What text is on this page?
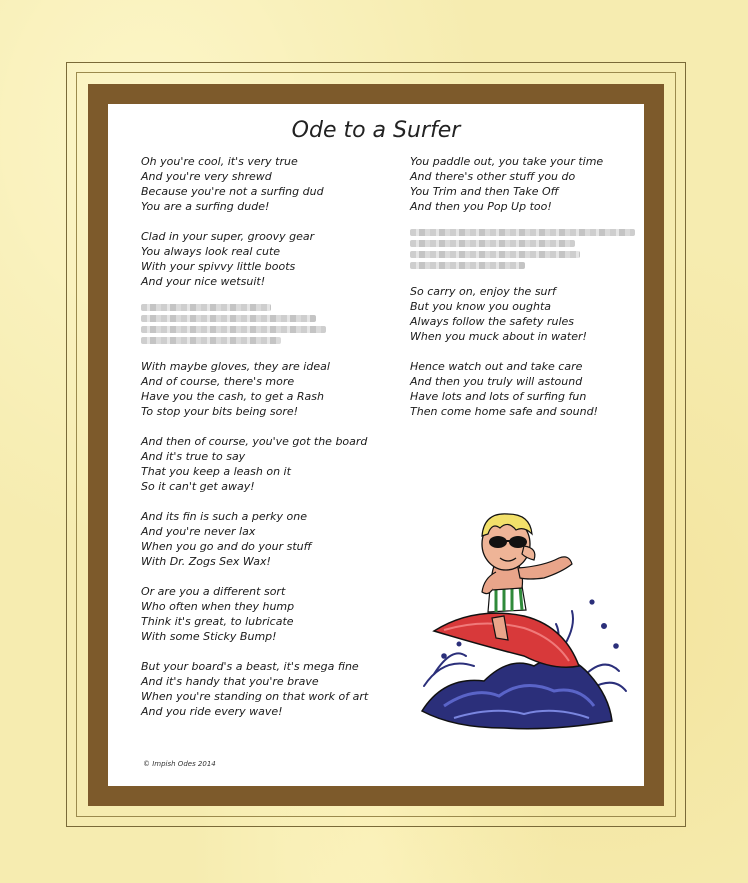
Ode to a Surfer
Oh you're cool, it's very true
And you're very shrewd
Because you're not a surfing dud
You are a surfing dude!
Clad in your super, groovy gear
You always look real cute
With your spivvy little boots
And your nice wetsuit!
With maybe gloves, they are ideal
And of course, there's more
Have you the cash, to get a Rash
To stop your bits being sore!
And then of course, you've got the board
And it's true to say
That you keep a leash on it
So it can't get away!
And its fin is such a perky one
And you're never lax
When you go and do your stuff
With Dr. Zogs Sex Wax!
Or are you a different sort
Who often when they hump
Think it's great, to lubricate
With some Sticky Bump!
But your board's a beast, it's mega fine
And it's handy that you're brave
When you're standing on that work of art
And you ride every wave!
You paddle out, you take your time
And there's other stuff you do
You Trim and then Take Off
And then you Pop Up too!
So carry on, enjoy the surf
But you know you oughta
Always follow the safety rules
When you muck about in water!
Hence watch out and take care
And then you truly will astound
Have lots and lots of surfing fun
Then come home safe and sound!
© Impish Odes 2014
